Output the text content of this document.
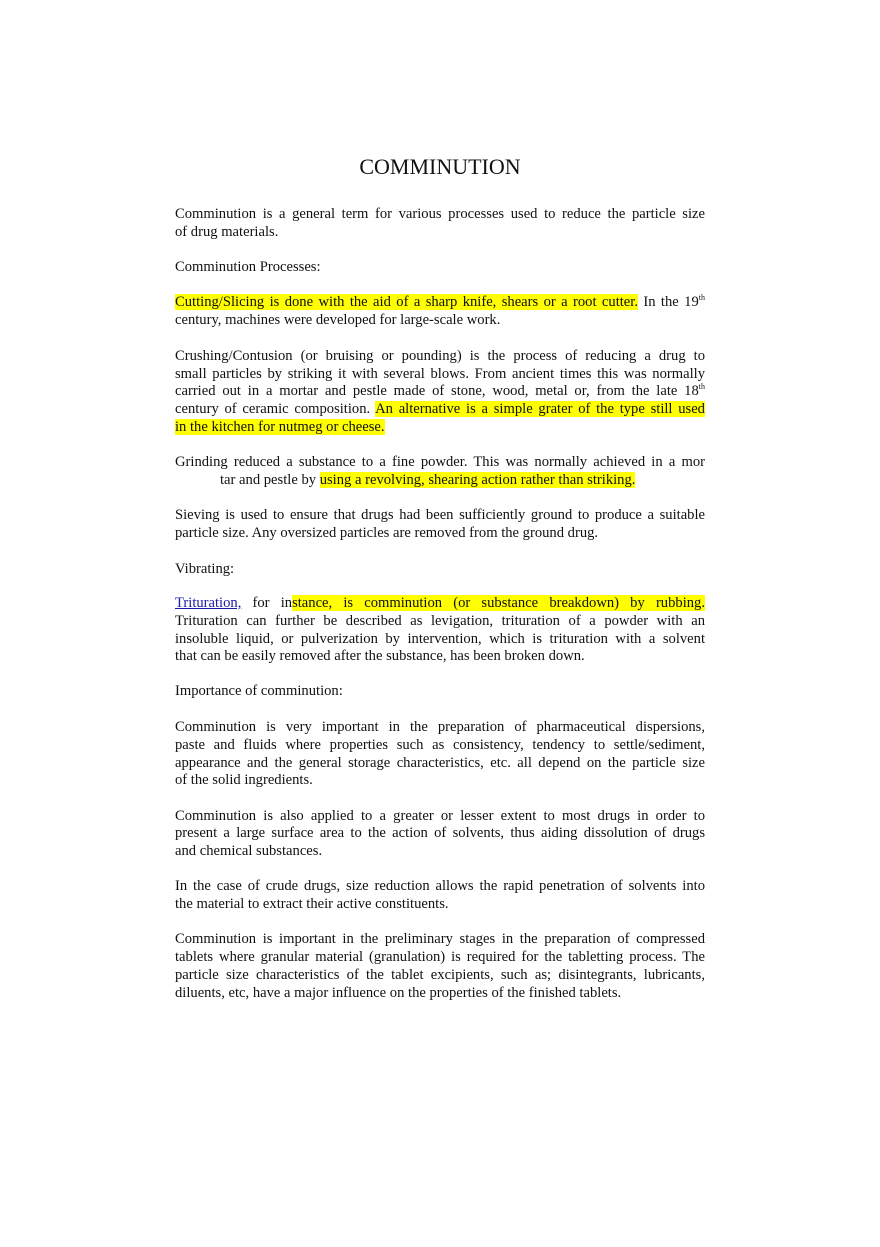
COMMINUTION
Comminution is a general term for various processes used to reduce the particle size
of drug materials.
Comminution Processes:
Cutting/Slicing is done with the aid of a sharp knife, shears or a root cutter. In the 19th
century, machines were developed for large-scale work.
Crushing/Contusion (or bruising or pounding) is the process of reducing a drug to
small particles by striking it with several blows. From ancient times this was normally
carried out in a mortar and pestle made of stone, wood, metal or, from the late 18th
century of ceramic composition. An alternative is a simple grater of the type still used
in the kitchen for nutmeg or cheese.
Grinding reduced a substance to a fine powder. This was normally achieved in a mor
tar and pestle by using a revolving, shearing action rather than striking.
Sieving is used to ensure that drugs had been sufficiently ground to produce a suitable
particle size. Any oversized particles are removed from the ground drug.
Vibrating:
Trituration, for instance, is comminution (or substance breakdown) by rubbing.
Trituration can further be described as levigation, trituration of a powder with an
insoluble liquid, or pulverization by intervention, which is trituration with a solvent
that can be easily removed after the substance, has been broken down.
Importance of comminution:
Comminution is very important in the preparation of pharmaceutical dispersions,
paste and fluids where properties such as consistency, tendency to settle/sediment,
appearance and the general storage characteristics, etc. all depend on the particle size
of the solid ingredients.
Comminution is also applied to a greater or lesser extent to most drugs in order to
present a large surface area to the action of solvents, thus aiding dissolution of drugs
and chemical substances.
In the case of crude drugs, size reduction allows the rapid penetration of solvents into
the material to extract their active constituents.
Comminution is important in the preliminary stages in the preparation of compressed
tablets where granular material (granulation) is required for the tabletting process. The
particle size characteristics of the tablet excipients, such as; disintegrants, lubricants,
diluents, etc, have a major influence on the properties of the finished tablets.
